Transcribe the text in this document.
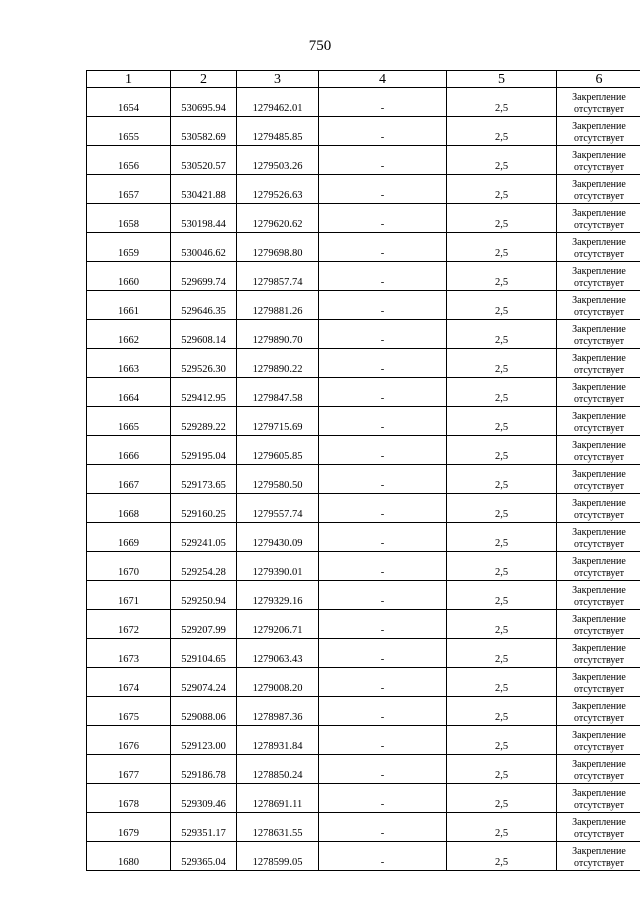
750
1	2	3	4	5	6
1654	530695.94	1279462.01	-	2,5	Закрепление
отсутствует

1655	530582.69	1279485.85	-	2,5	Закрепление
отсутствует

1656	530520.57	1279503.26	-	2,5	Закрепление
отсутствует

1657	530421.88	1279526.63	-	2,5	Закрепление
отсутствует

1658	530198.44	1279620.62	-	2,5	Закрепление
отсутствует

1659	530046.62	1279698.80	-	2,5	Закрепление
отсутствует

1660	529699.74	1279857.74	-	2,5	Закрепление
отсутствует

1661	529646.35	1279881.26	-	2,5	Закрепление
отсутствует

1662	529608.14	1279890.70	-	2,5	Закрепление
отсутствует

1663	529526.30	1279890.22	-	2,5	Закрепление
отсутствует

1664	529412.95	1279847.58	-	2,5	Закрепление
отсутствует

1665	529289.22	1279715.69	-	2,5	Закрепление
отсутствует

1666	529195.04	1279605.85	-	2,5	Закрепление
отсутствует

1667	529173.65	1279580.50	-	2,5	Закрепление
отсутствует

1668	529160.25	1279557.74	-	2,5	Закрепление
отсутствует

1669	529241.05	1279430.09	-	2,5	Закрепление
отсутствует

1670	529254.28	1279390.01	-	2,5	Закрепление
отсутствует

1671	529250.94	1279329.16	-	2,5	Закрепление
отсутствует

1672	529207.99	1279206.71	-	2,5	Закрепление
отсутствует

1673	529104.65	1279063.43	-	2,5	Закрепление
отсутствует

1674	529074.24	1279008.20	-	2,5	Закрепление
отсутствует

1675	529088.06	1278987.36	-	2,5	Закрепление
отсутствует

1676	529123.00	1278931.84	-	2,5	Закрепление
отсутствует

1677	529186.78	1278850.24	-	2,5	Закрепление
отсутствует

1678	529309.46	1278691.11	-	2,5	Закрепление
отсутствует

1679	529351.17	1278631.55	-	2,5	Закрепление
отсутствует

1680	529365.04	1278599.05	-	2,5	Закрепление
отсутствует
